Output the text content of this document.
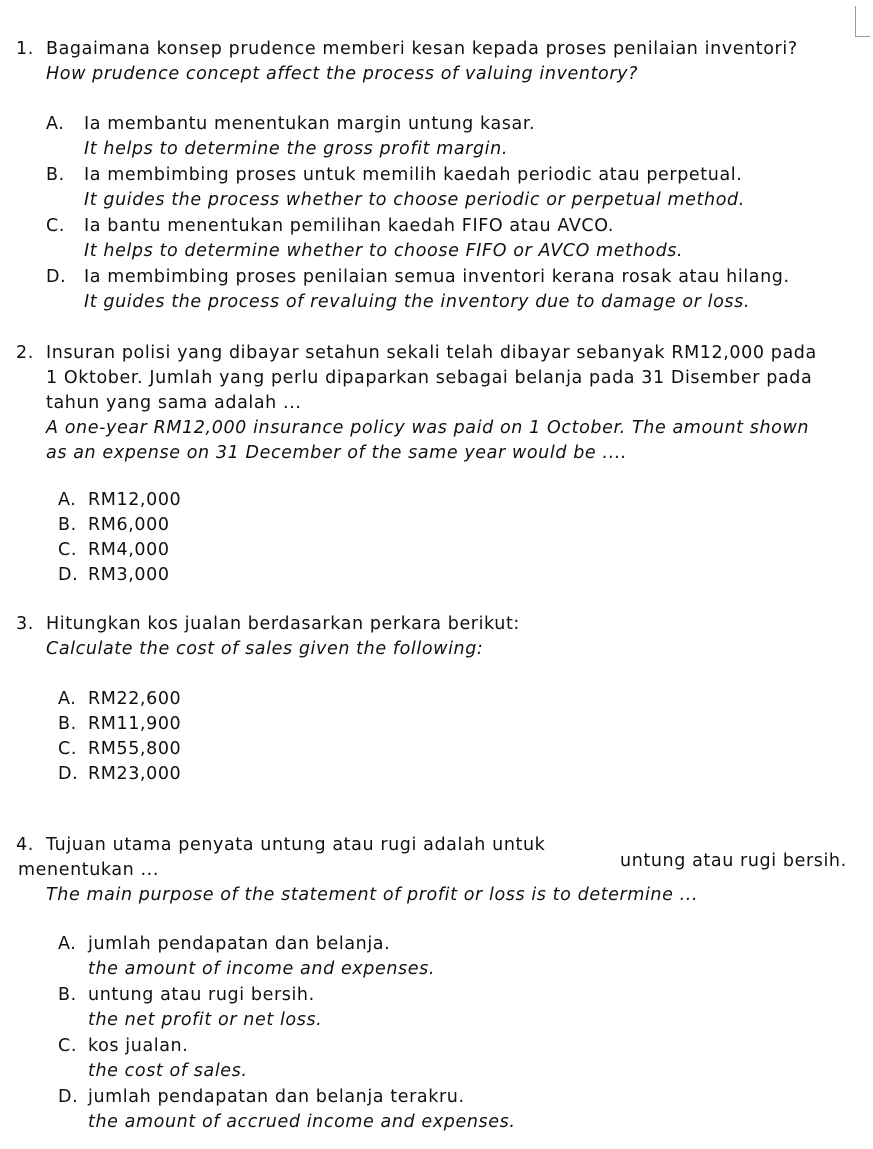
1. Bagaimana konsep prudence memberi kesan kepada proses penilaian inventori?
How prudence concept affect the process of valuing inventory?
A. Ia membantu menentukan margin untung kasar.
It helps to determine the gross profit margin.
B. Ia membimbing proses untuk memilih kaedah periodic atau perpetual.
It guides the process whether to choose periodic or perpetual method.
C. Ia bantu menentukan pemilihan kaedah FIFO atau AVCO.
It helps to determine whether to choose FIFO or AVCO methods.
D. Ia membimbing proses penilaian semua inventori kerana rosak atau hilang.
It guides the process of revaluing the inventory due to damage or loss.
2. Insuran polisi yang dibayar setahun sekali telah dibayar sebanyak RM12,000 pada
1 Oktober. Jumlah yang perlu dipaparkan sebagai belanja pada 31 Disember pada
tahun yang sama adalah ...
A one-year RM12,000 insurance policy was paid on 1 October. The amount shown
as an expense on 31 December of the same year would be ....
A. RM12,000
B. RM6,000
C. RM4,000
D. RM3,000
3. Hitungkan kos jualan berdasarkan perkara berikut:
Calculate the cost of sales given the following:
A. RM22,600
B. RM11,900
C. RM55,800
D. RM23,000
4. Tujuan utama penyata untung atau rugi adalah untuk
menentukan ...	untung atau rugi bersih.
The main purpose of the statement of profit or loss is to determine ...
A. jumlah pendapatan dan belanja.
the amount of income and expenses.
B. untung atau rugi bersih.
the net profit or net loss.
C. kos jualan.
the cost of sales.
D. jumlah pendapatan dan belanja terakru.
the amount of accrued income and expenses.
